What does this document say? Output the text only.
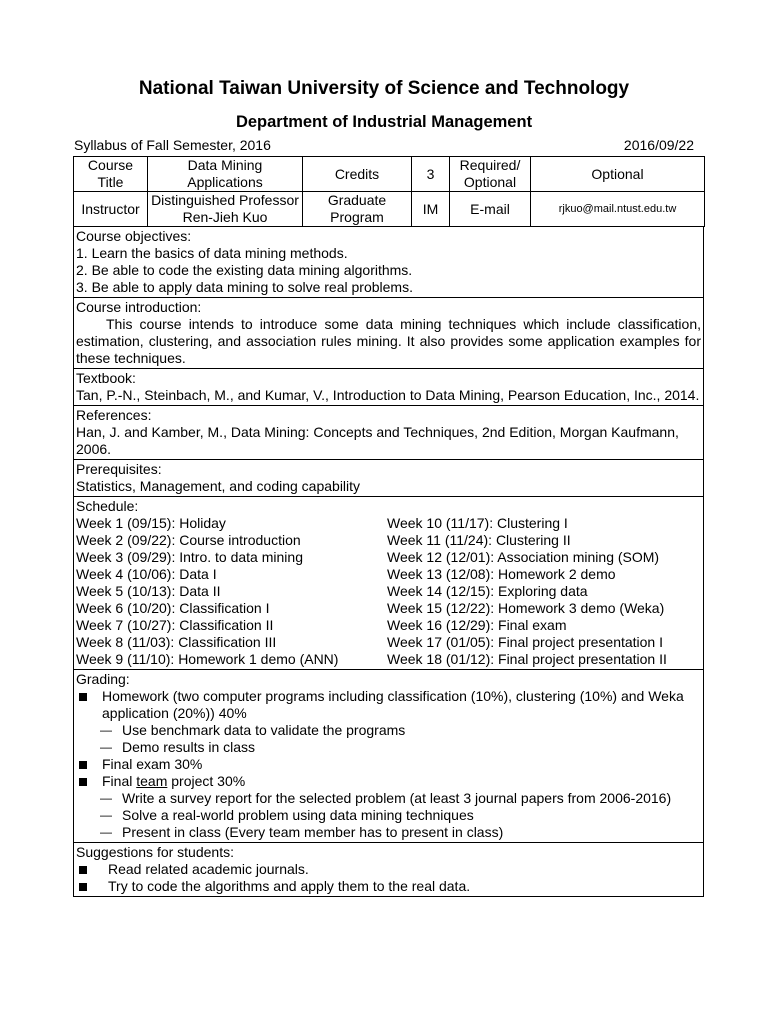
National Taiwan University of Science and Technology
Department of Industrial Management
Syllabus of Fall Semester, 2016	2016/09/22
Course Title	Data Mining Applications	Credits	3	Required/ Optional	Optional
Instructor	Distinguished Professor Ren-Jieh Kuo	Graduate Program	IM	E-mail	rjkuo@mail.ntust.edu.tw
Course objectives:
1. Learn the basics of data mining methods.
2. Be able to code the existing data mining algorithms.
3. Be able to apply data mining to solve real problems.
Course introduction:
This course intends to introduce some data mining techniques which include classification, estimation, clustering, and association rules mining. It also provides some application examples for these techniques.
Textbook:
Tan, P.-N., Steinbach, M., and Kumar, V., Introduction to Data Mining, Pearson Education, Inc., 2014.
References:
Han, J. and Kamber, M., Data Mining: Concepts and Techniques, 2nd Edition, Morgan Kaufmann, 2006.
Prerequisites:
Statistics, Management, and coding capability
Schedule:
Week 1 (09/15): Holiday
Week 2 (09/22): Course introduction
Week 3 (09/29): Intro. to data mining
Week 4 (10/06): Data I
Week 5 (10/13): Data II
Week 6 (10/20): Classification I
Week 7 (10/27): Classification II
Week 8 (11/03): Classification III
Week 9 (11/10): Homework 1 demo (ANN)
Week 10 (11/17): Clustering I
Week 11 (11/24): Clustering II
Week 12 (12/01): Association mining (SOM)
Week 13 (12/08): Homework 2 demo
Week 14 (12/15): Exploring data
Week 15 (12/22): Homework 3 demo (Weka)
Week 16 (12/29): Final exam
Week 17 (01/05): Final project presentation I
Week 18 (01/12): Final project presentation II
Grading:
Homework (two computer programs including classification (10%), clustering (10%) and Weka application (20%)) 40%
— Use benchmark data to validate the programs
— Demo results in class
Final exam 30%
Final team project 30%
— Write a survey report for the selected problem (at least 3 journal papers from 2006-2016)
— Solve a real-world problem using data mining techniques
— Present in class (Every team member has to present in class)
Suggestions for students:
Read related academic journals.
Try to code the algorithms and apply them to the real data.
